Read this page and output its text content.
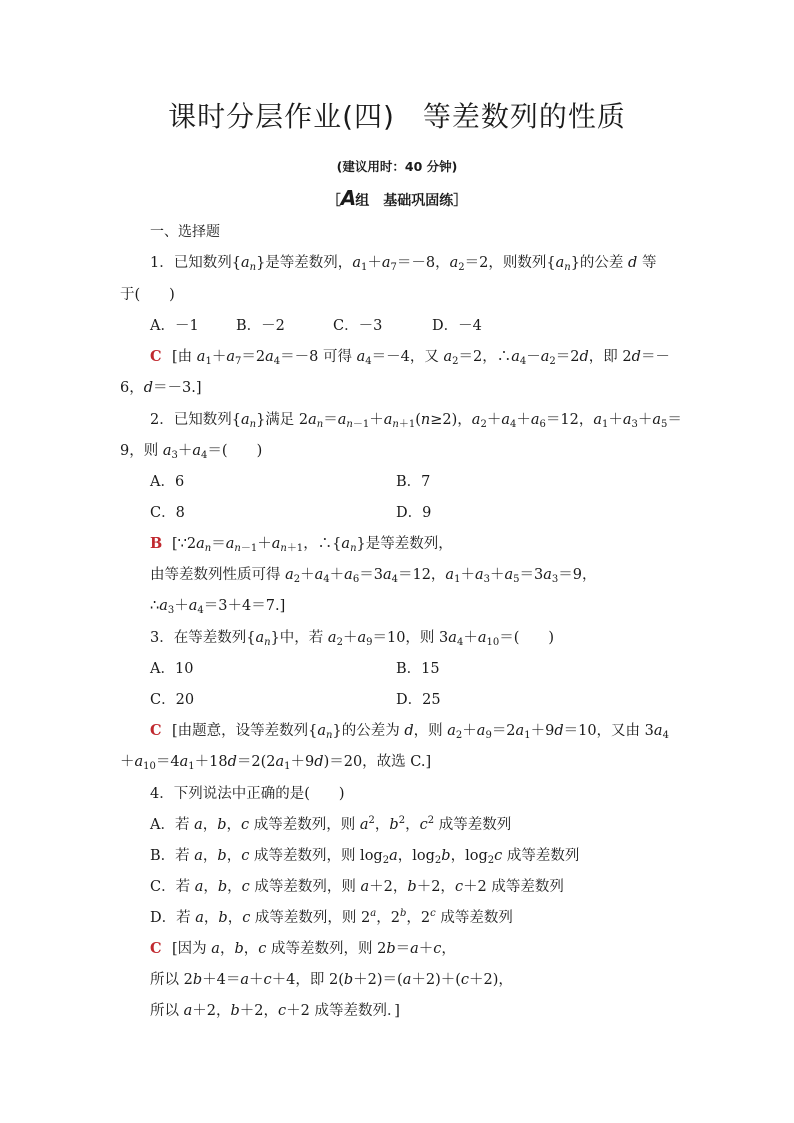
课时分层作业(四) 等差数列的性质
(建议用时：40 分钟)
［A组　基础巩固练］
一、选择题
1．已知数列$\{a_n\}$是等差数列，$a_1+a_7=-8$，$a_2=2$，则数列$\{a_n\}$的公差 d 等
于(　　)
A．－1	B．－2	C．－3	D．－4
C [由 $a_1+a_7=2a_4=-8$ 可得 $a_4=-4$，又 $a_2=2$，$\therefore a_4-a_2=2d$，即 2d＝－
6，d＝－3.]
2．已知数列$\{a_n\}$满足 $2a_n=a_{n-1}+a_{n+1}(n\ge 2)$，$a_2+a_4+a_6=12$，$a_1+a_3+a_5=$
9，则 $a_3+a_4=$(　　)
A．6	B．7
C．8	D．9
B [$\because 2a_n=a_{n-1}+a_{n+1}$，$\therefore\{a_n\}$是等差数列，
由等差数列性质可得 $a_2+a_4+a_6=3a_4=12$，$a_1+a_3+a_5=3a_3=9$，
$\therefore a_3+a_4=3+4=7$.]
3．在等差数列$\{a_n\}$中，若 $a_2+a_9=10$，则 $3a_4+a_{10}=$(　　)
A．10	B．15
C．20	D．25
C [由题意，设等差数列$\{a_n\}$的公差为 d，则 $a_2+a_9=2a_1+9d=10$，又由 $3a_4$
$+a_{10}=4a_1+18d=2(2a_1+9d)=20$，故选 C.]
4．下列说法中正确的是(　　)
A．若 a，b，c 成等差数列，则 $a^2$，$b^2$，$c^2$ 成等差数列
B．若 a，b，c 成等差数列，则 $\log_2a$，$\log_2b$，$\log_2c$ 成等差数列
C．若 a，b，c 成等差数列，则 a＋2，b＋2，c＋2 成等差数列
D．若 a，b，c 成等差数列，则 2$^a$，2$^b$，2$^c$ 成等差数列
C [因为 a，b，c 成等差数列，则 2b＝a＋c，
所以 2b＋4＝a＋c＋4，即 2(b＋2)＝(a＋2)＋(c＋2)，
所以 a＋2，b＋2，c＋2 成等差数列．]
